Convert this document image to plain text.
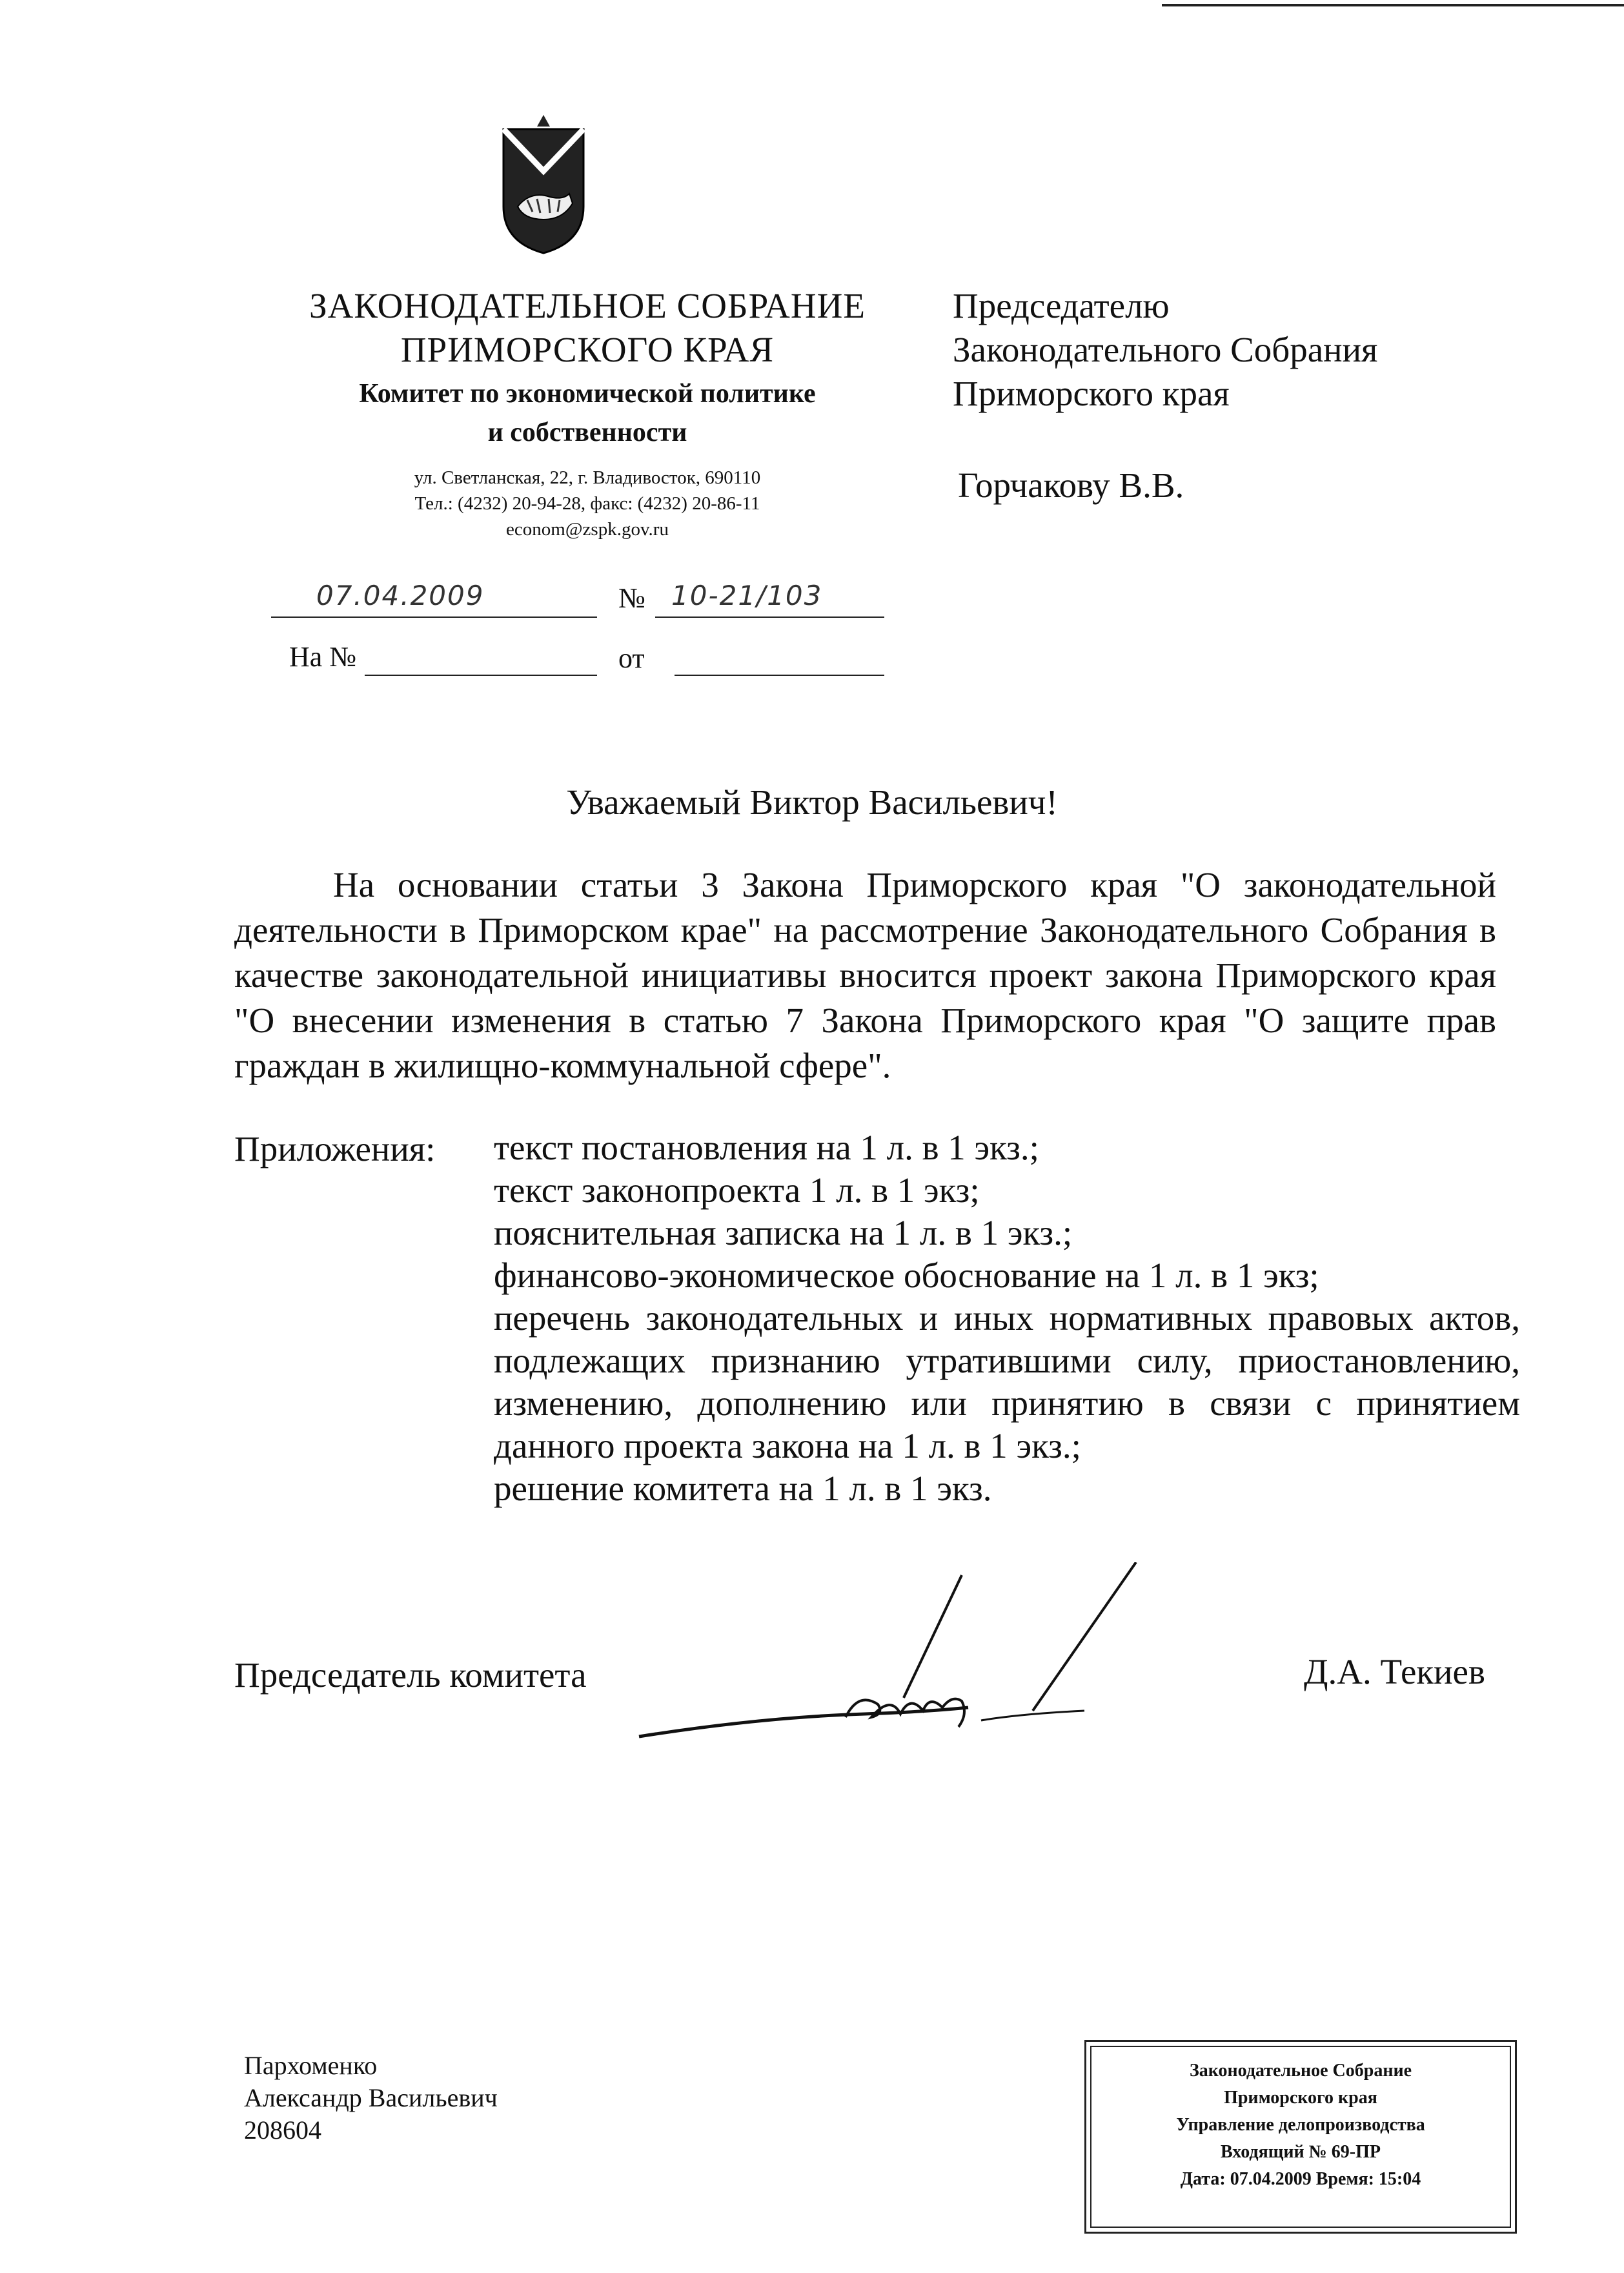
ЗАКОНОДАТЕЛЬНОЕ СОБРАНИЕ
ПРИМОРСКОГО КРАЯ
Комитет по экономической политике
и собственности
ул. Светланская, 22, г. Владивосток, 690110
Тел.: (4232) 20-94-28, факс: (4232) 20-86-11
econom@zspk.gov.ru
Председателю
Законодательного Собрания
Приморского края
Горчакову В.В.
07.04.2009	№ 10-21/103
На №	от
Уважаемый Виктор Васильевич!
На основании статьи 3 Закона Приморского края "О законодательной деятельности в Приморском крае" на рассмотрение Законодательного Собрания в качестве законодательной инициативы вносится проект закона Приморского края "О внесении изменения в статью 7 Закона Приморского края "О защите прав граждан в жилищно-коммунальной сфере".
Приложения: текст постановления на 1 л. в 1 экз.;
текст законопроекта 1 л. в 1 экз;
пояснительная записка на 1 л. в 1 экз.;
финансово-экономическое обоснование на 1 л. в 1 экз;
перечень законодательных и иных нормативных правовых актов, подлежащих признанию утратившими силу, приостановлению, изменению, дополнению или принятию в связи с принятием данного проекта закона на 1 л. в 1 экз.;
решение комитета на 1 л. в 1 экз.
Председатель комитета	Д.А. Текиев
Пархоменко
Александр Васильевич
208604
Законодательное Собрание
Приморского края
Управление делопроизводства
Входящий № 69-ПР
Дата: 07.04.2009 Время: 15:04
